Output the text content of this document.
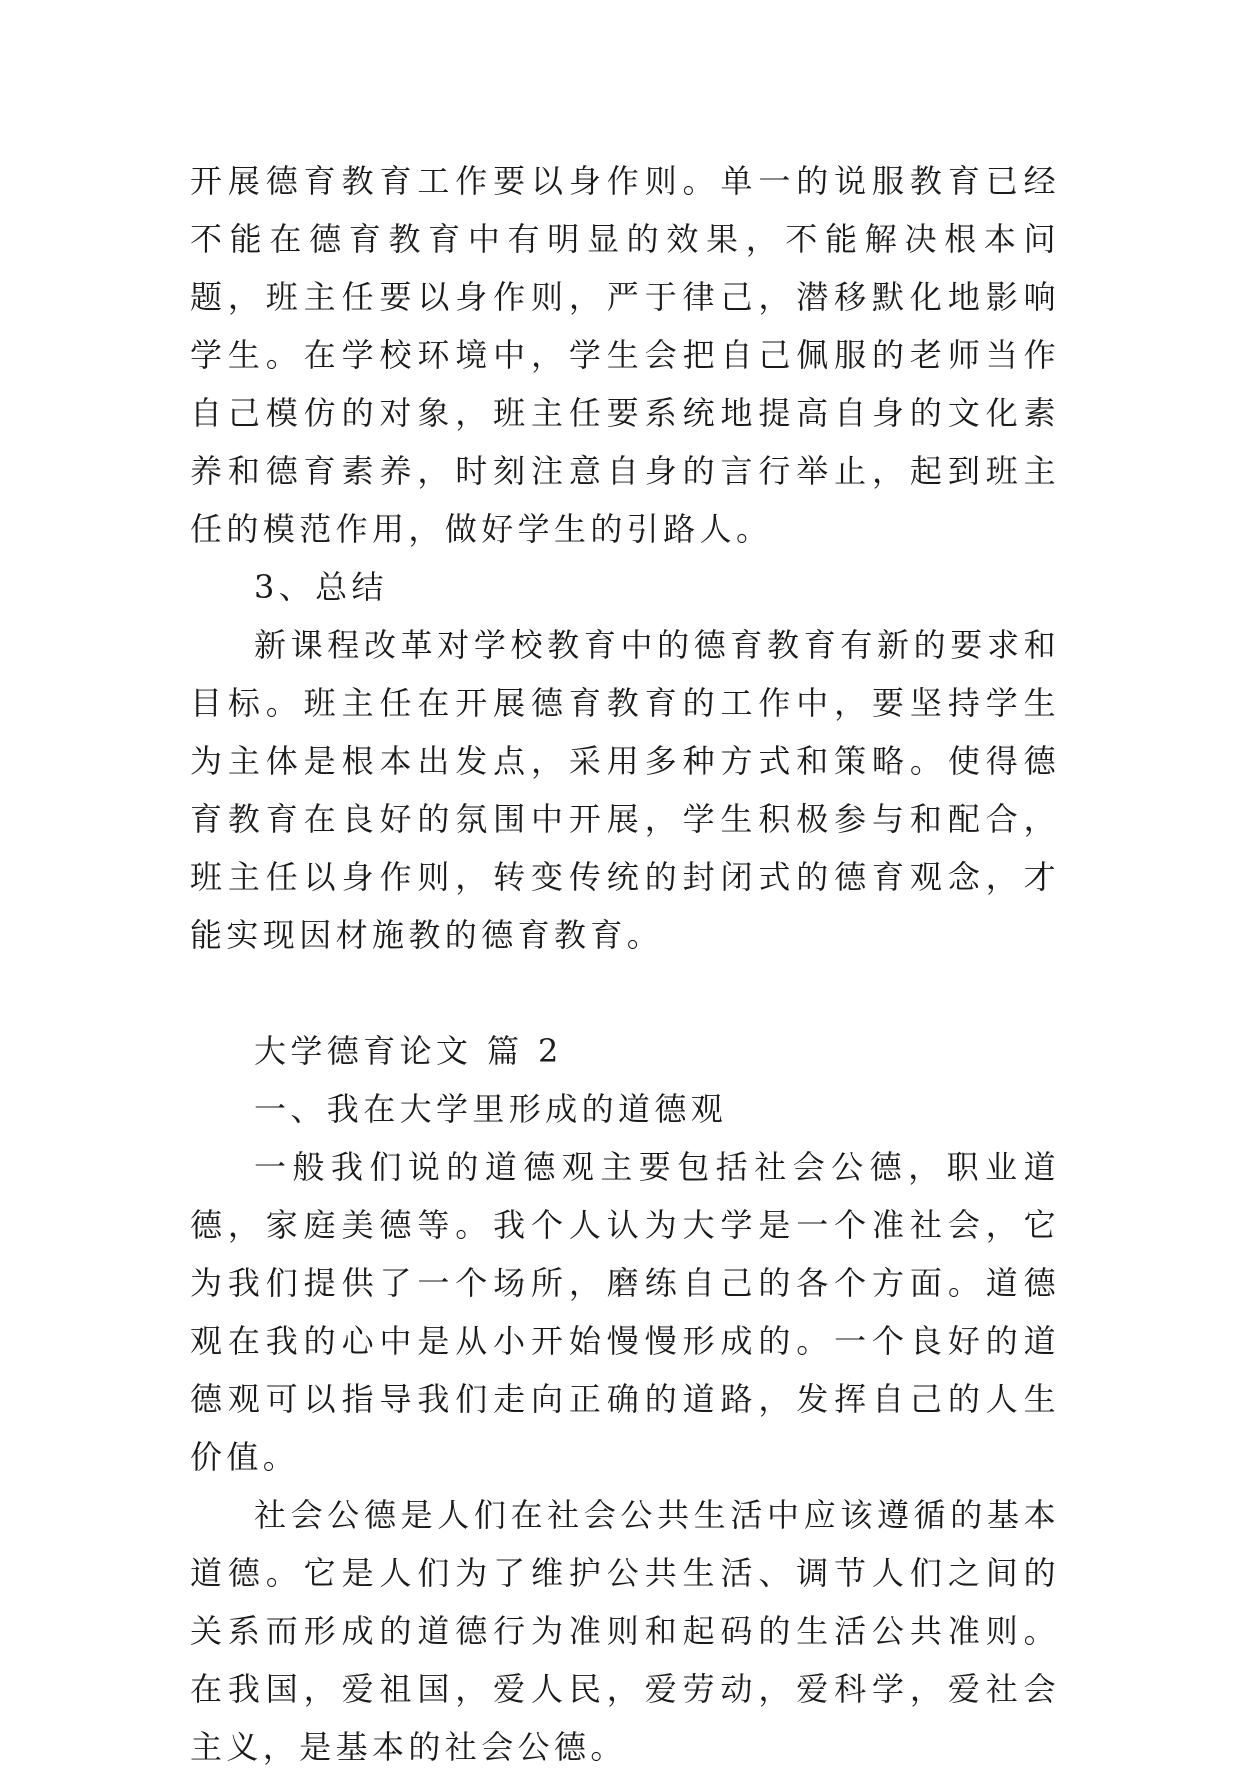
开展德育教育工作要以身作则。单一的说服教育已经不能在德育教育中有明显的效果，不能解决根本问题，班主任要以身作则，严于律己，潜移默化地影响学生。在学校环境中，学生会把自己佩服的老师当作自己模仿的对象，班主任要系统地提高自身的文化素养和德育素养，时刻注意自身的言行举止，起到班主任的模范作用，做好学生的引路人。

3、总结

新课程改革对学校教育中的德育教育有新的要求和目标。班主任在开展德育教育的工作中，要坚持学生为主体是根本出发点，采用多种方式和策略。使得德育教育在良好的氛围中开展，学生积极参与和配合，班主任以身作则，转变传统的封闭式的德育观念，才能实现因材施教的德育教育。

大学德育论文 篇 2

一、我在大学里形成的道德观

一般我们说的道德观主要包括社会公德，职业道德，家庭美德等。我个人认为大学是一个准社会，它为我们提供了一个场所，磨练自己的各个方面。道德观在我的心中是从小开始慢慢形成的。一个良好的道德观可以指导我们走向正确的道路，发挥自己的人生价值。

社会公德是人们在社会公共生活中应该遵循的基本道德。它是人们为了维护公共生活、调节人们之间的关系而形成的道德行为准则和起码的生活公共准则。在我国，爱祖国，爱人民，爱劳动，爱科学，爱社会主义，是基本的社会公德。
